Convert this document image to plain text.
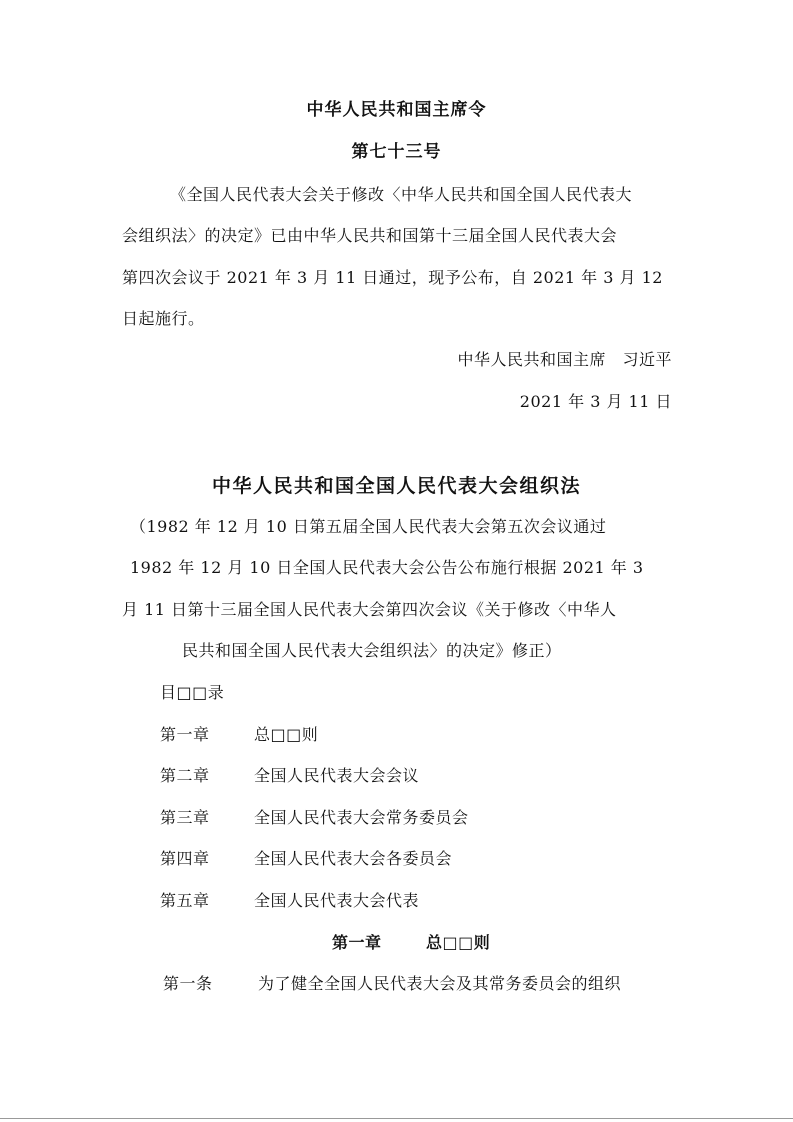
中华人民共和国主席令
第七十三号
《全国人民代表大会关于修改〈中华人民共和国全国人民代表大
会组织法〉的决定》已由中华人民共和国第十三届全国人民代表大会
第四次会议于 2021 年 3 月 11 日通过，现予公布，自 2021 年 3 月 12
日起施行。
中华人民共和国主席　习近平
2021 年 3 月 11 日
中华人民共和国全国人民代表大会组织法
（1982 年 12 月 10 日第五届全国人民代表大会第五次会议通过
1982 年 12 月 10 日全国人民代表大会公告公布施行根据 2021 年 3
月 11 日第十三届全国人民代表大会第四次会议《关于修改〈中华人
民共和国全国人民代表大会组织法〉的决定》修正）
目□□录
第一章	总□□则
第二章	全国人民代表大会会议
第三章	全国人民代表大会常务委员会
第四章	全国人民代表大会各委员会
第五章	全国人民代表大会代表
第一章	总□□则
第一条	为了健全全国人民代表大会及其常务委员会的组织
